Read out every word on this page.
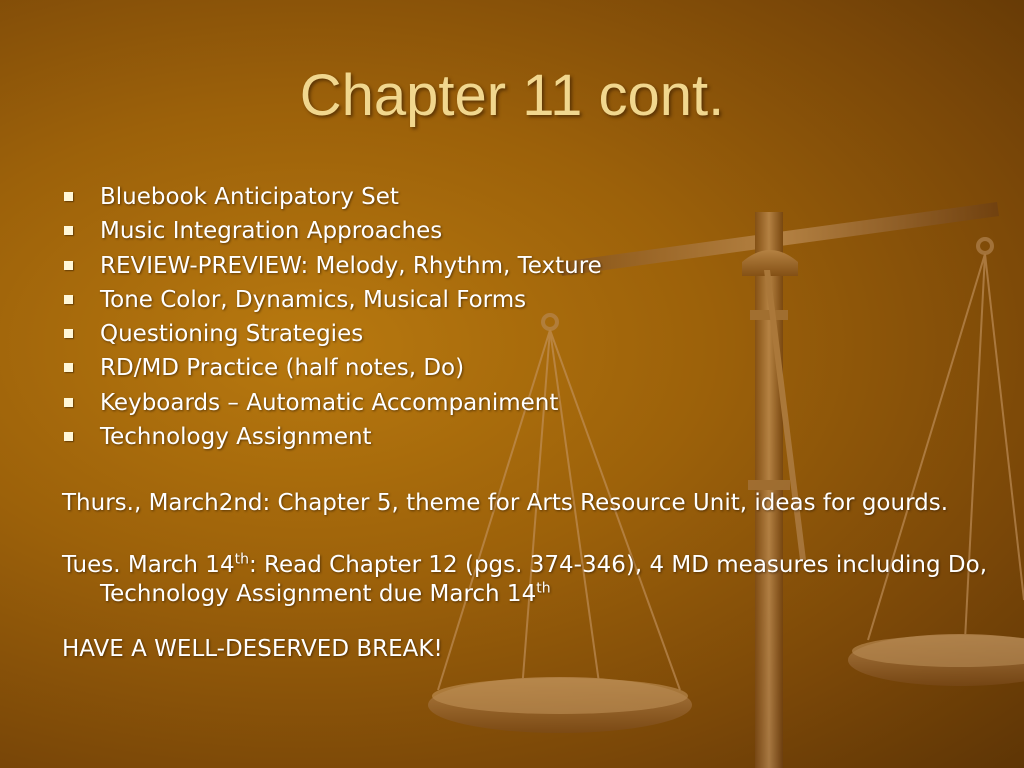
Chapter 11 cont.
Bluebook Anticipatory Set
Music Integration Approaches
REVIEW-PREVIEW: Melody, Rhythm, Texture
Tone Color, Dynamics, Musical Forms
Questioning Strategies
RD/MD Practice (half notes, Do)
Keyboards – Automatic Accompaniment
Technology Assignment

Thurs., March2nd: Chapter 5, theme for Arts Resource Unit, ideas for gourds.

Tues. March 14th: Read Chapter 12 (pgs. 374-346), 4 MD measures including Do, Technology Assignment due March 14th

HAVE A WELL-DESERVED BREAK!
